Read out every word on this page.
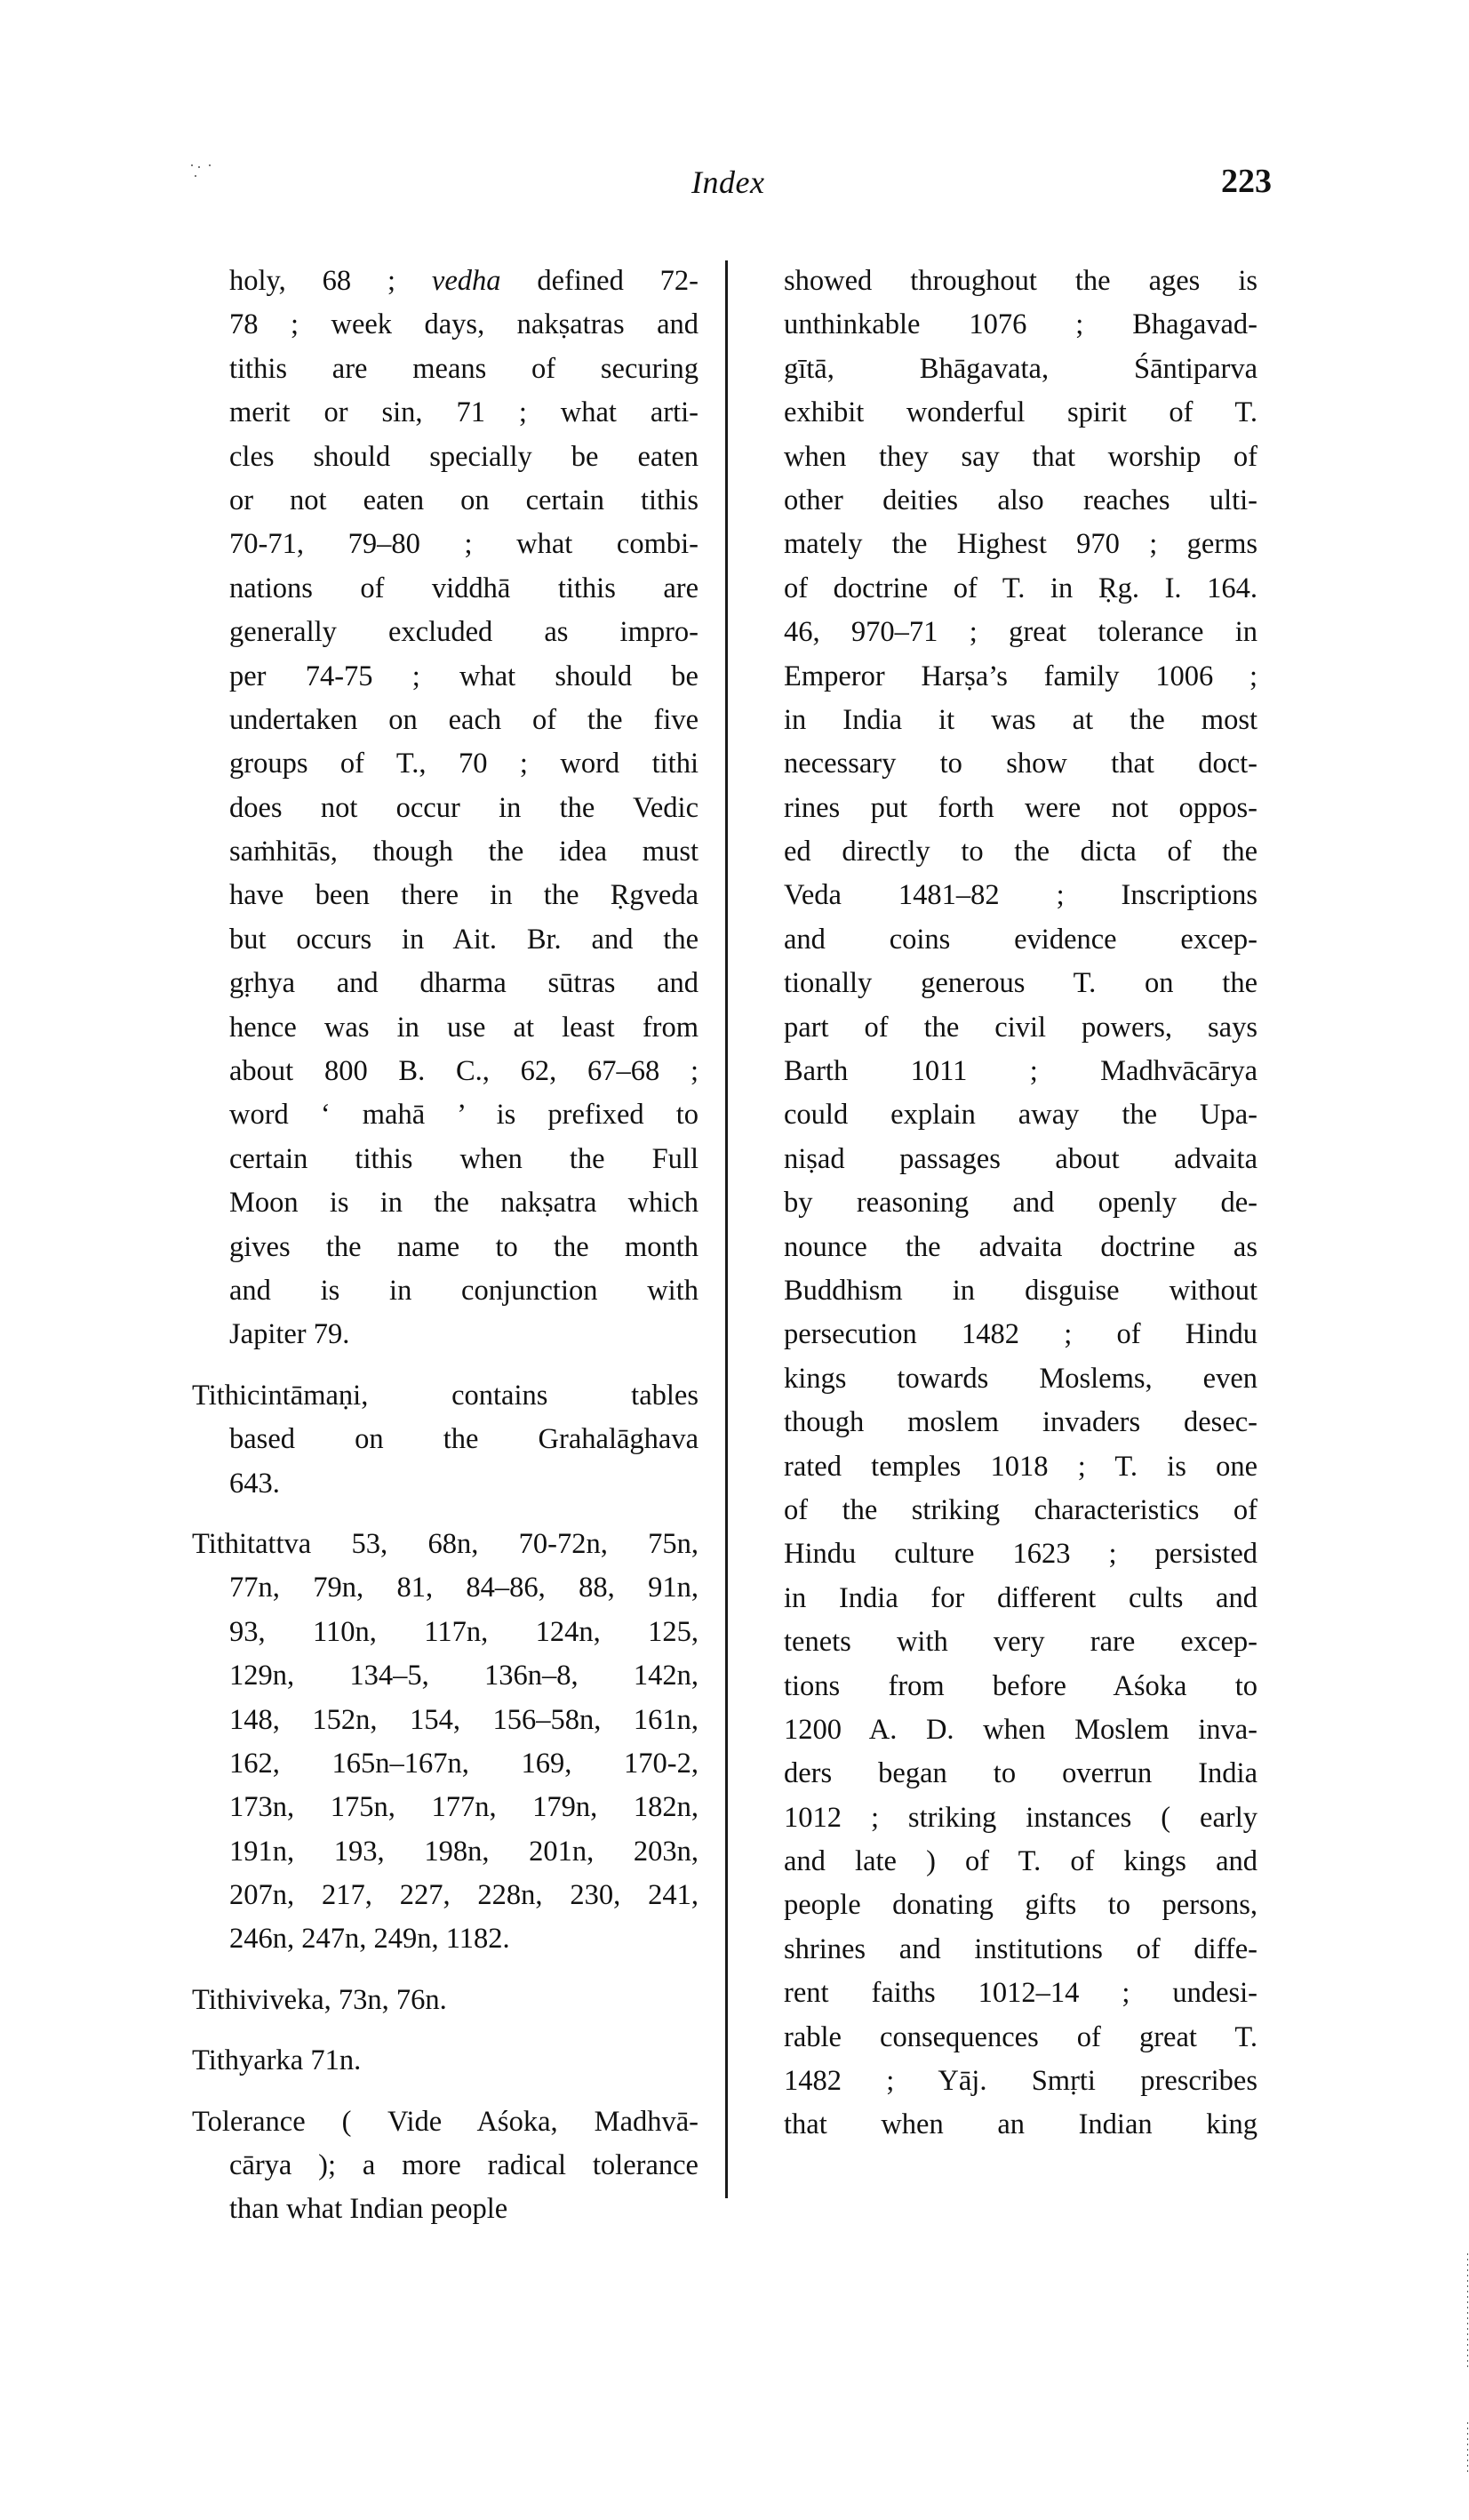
Index	223
holy, 68 ; vedha defined 72-
78 ; week days, nakṣatras and
tithis are means of securing
merit or sin, 71 ; what arti-
cles should specially be eaten
or not eaten on certain tithis
70-71, 79–80 ; what combi-
nations of viddhā tithis are
generally excluded as impro-
per 74-75 ; what should be
undertaken on each of the five
groups of T., 70 ; word tithi
does not occur in the Vedic
saṁhitās, though the idea must
have been there in the Ṛgveda
but occurs in Ait. Br. and the
gṛhya and dharma sūtras and
hence was in use at least from
about 800 B. C., 62, 67–68 ;
word ‘ mahā ’ is prefixed to
certain tithis when the Full
Moon is in the nakṣatra which
gives the name to the month
and is in conjunction with
Japiter 79.
Tithicintāmaṇi, contains tables
based on the Grahalāghava
643.
Tithitattva 53, 68n, 70-72n, 75n,
77n, 79n, 81, 84–86, 88, 91n,
93, 110n, 117n, 124n, 125,
129n, 134–5, 136n–8, 142n,
148, 152n, 154, 156–58n, 161n,
162, 165n–167n, 169, 170-2,
173n, 175n, 177n, 179n, 182n,
191n, 193, 198n, 201n, 203n,
207n, 217, 227, 228n, 230, 241,
246n, 247n, 249n, 1182.
Tithiviveka, 73n, 76n.
Tithyarka 71n.
Tolerance ( Vide Aśoka, Madhvā-
cārya ); a more radical tolerance
than what Indian people
showed throughout the ages is
unthinkable 1076 ; Bhagavad-
gītā, Bhāgavata, Śāntiparva
exhibit wonderful spirit of T.
when they say that worship of
other deities also reaches ulti-
mately the Highest 970 ; germs
of doctrine of T. in Ṛg. I. 164.
46, 970–71 ; great tolerance in
Emperor Harṣa’s family 1006 ;
in India it was at the most
necessary to show that doct-
rines put forth were not oppos-
ed directly to the dicta of the
Veda 1481–82 ; Inscriptions
and coins evidence excep-
tionally generous T. on the
part of the civil powers, says
Barth 1011 ; Madhvācārya
could explain away the Upa-
niṣad passages about advaita
by reasoning and openly de-
nounce the advaita doctrine as
Buddhism in disguise without
persecution 1482 ; of Hindu
kings towards Moslems, even
though moslem invaders desec-
rated temples 1018 ; T. is one
of the striking characteristics of
Hindu culture 1623 ; persisted
in India for different cults and
tenets with very rare excep-
tions from before Aśoka to
1200 A. D. when Moslem inva-
ders began to overrun India
1012 ; striking instances ( early
and late ) of T. of kings and
people donating gifts to persons,
shrines and institutions of diffe-
rent faiths 1012–14 ; undesi-
rable consequences of great T.
1482 ; Yāj. Smṛti prescribes
that when an Indian king
